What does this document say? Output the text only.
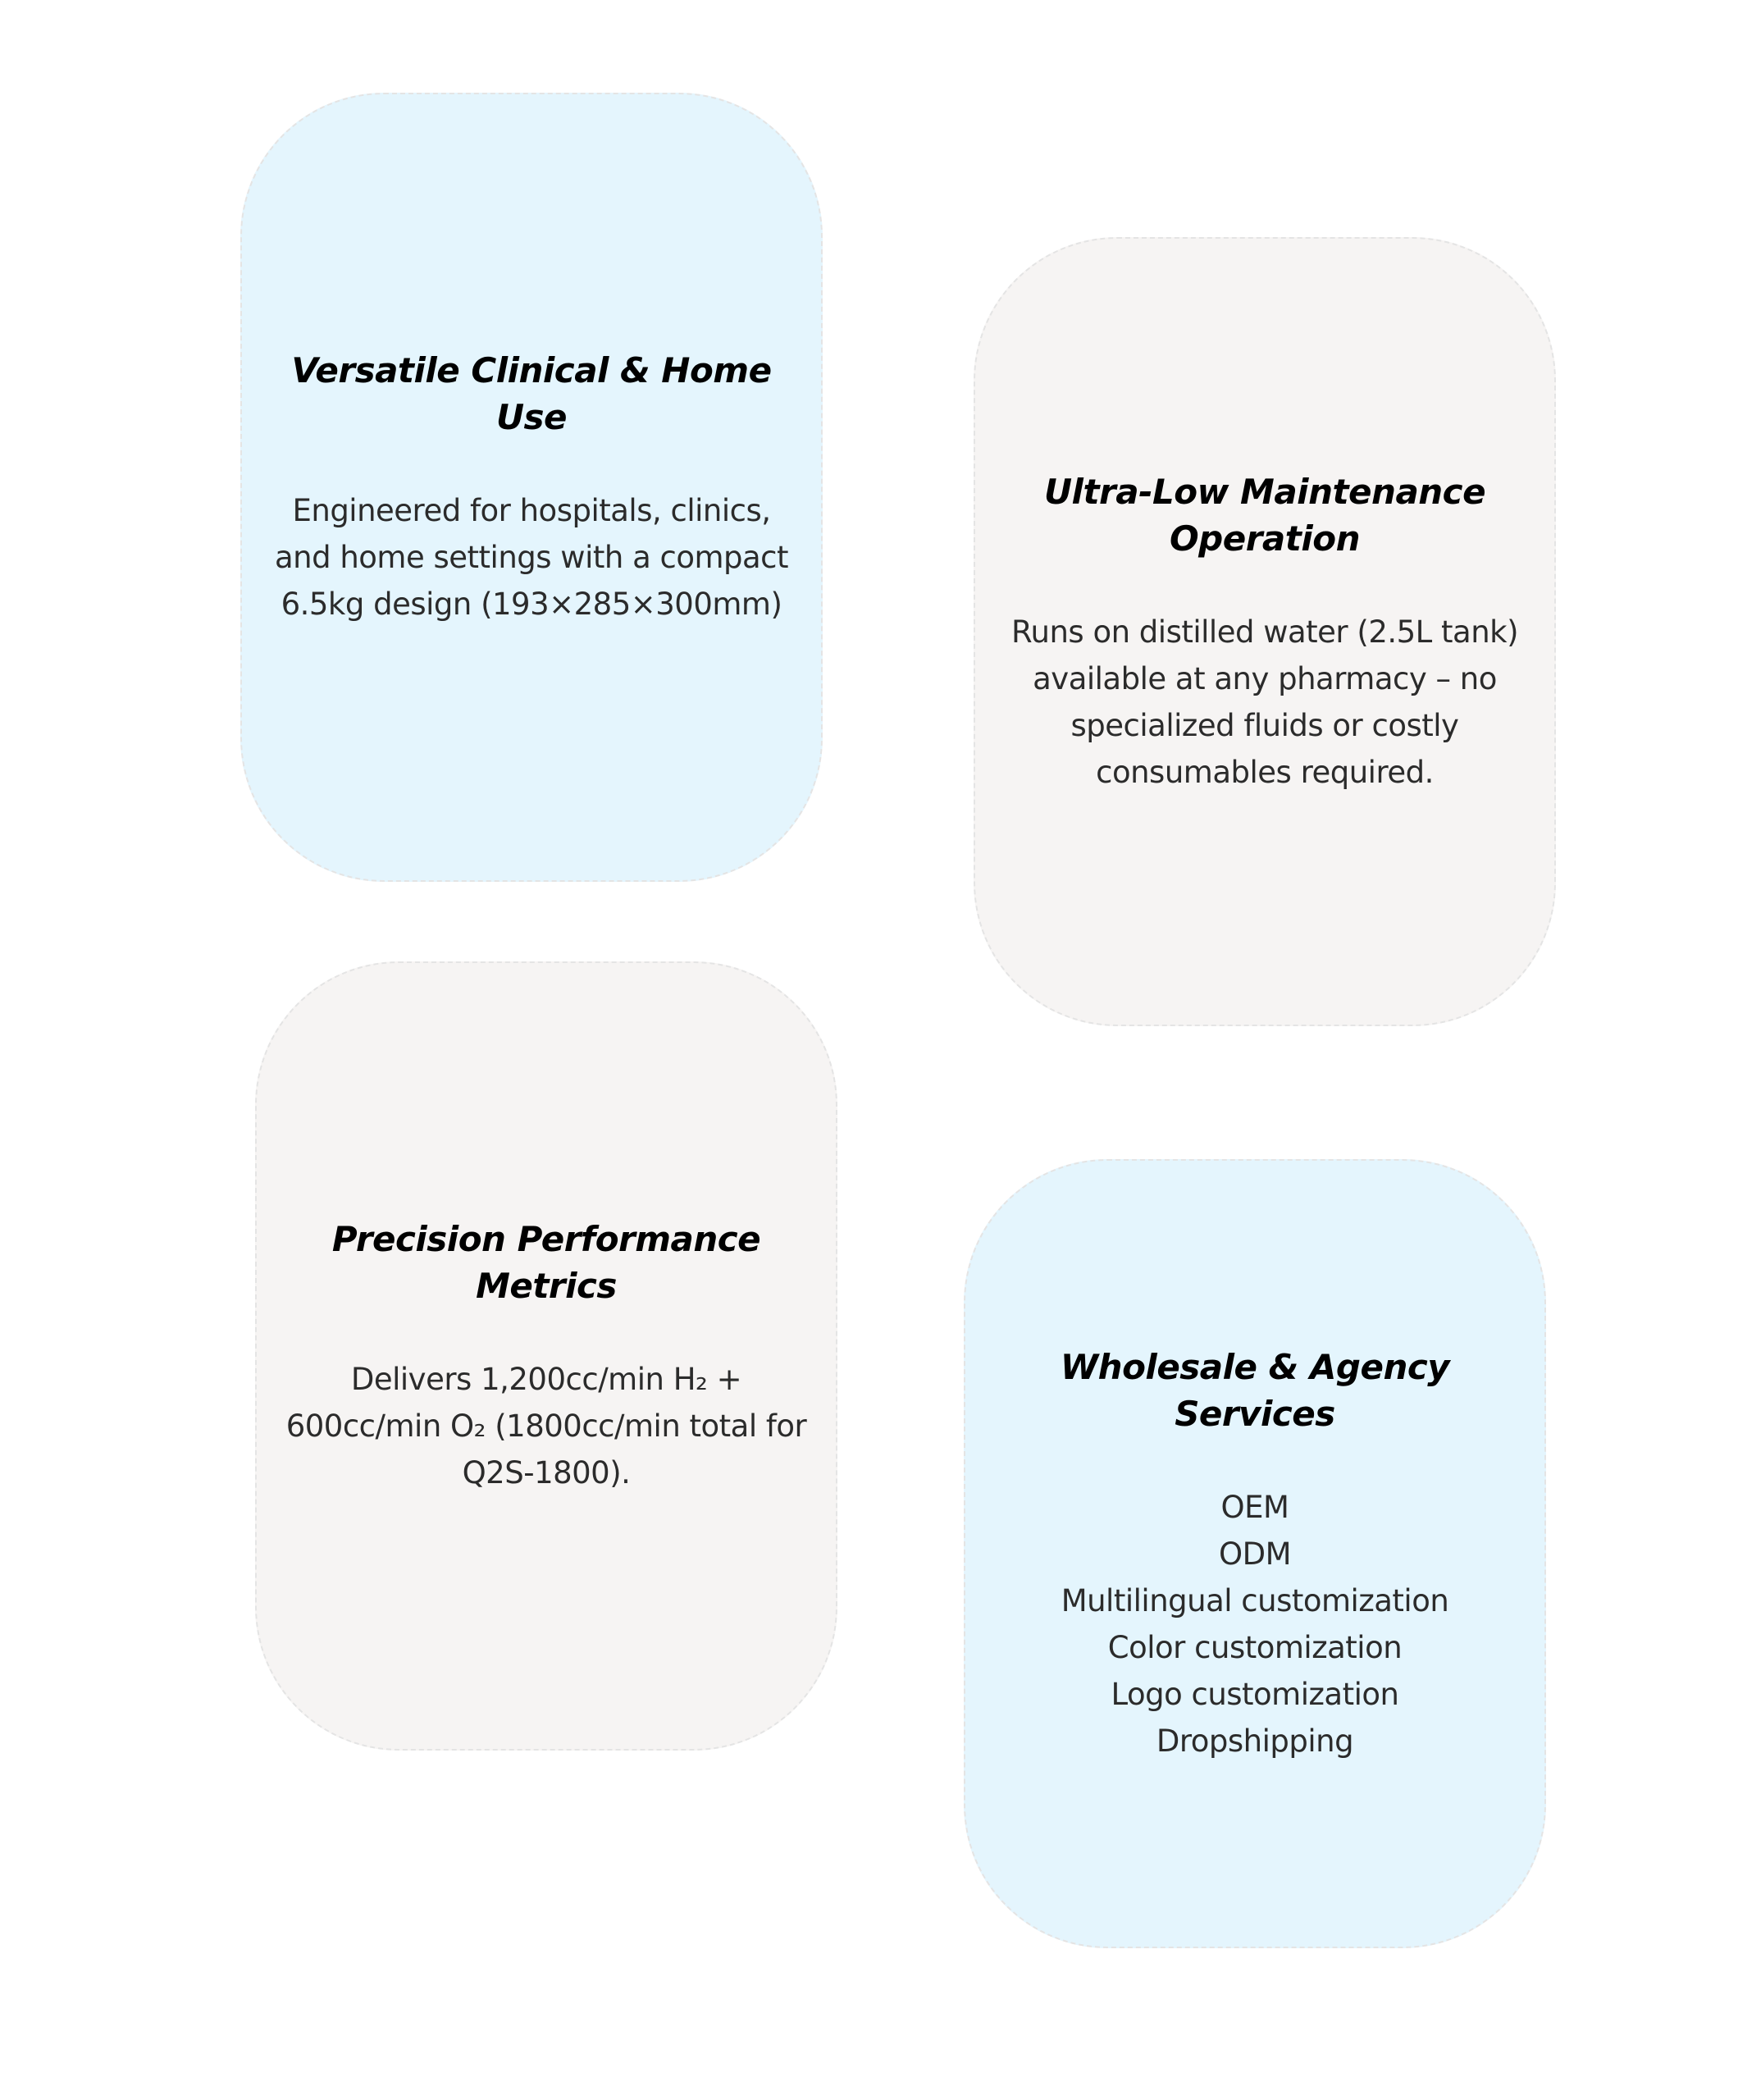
Versatile Clinical & Home Use

Engineered for hospitals, clinics, and home settings with a compact 6.5kg design (193×285×300mm)

Ultra-Low Maintenance Operation

Runs on distilled water (2.5L tank) available at any pharmacy – no specialized fluids or costly consumables required.

Precision Performance Metrics

Delivers 1,200cc/min H₂ + 600cc/min O₂ (1800cc/min total for Q2S-1800).

Wholesale & Agency Services
OEM
ODM
Multilingual customization
Color customization
Logo customization
Dropshipping
